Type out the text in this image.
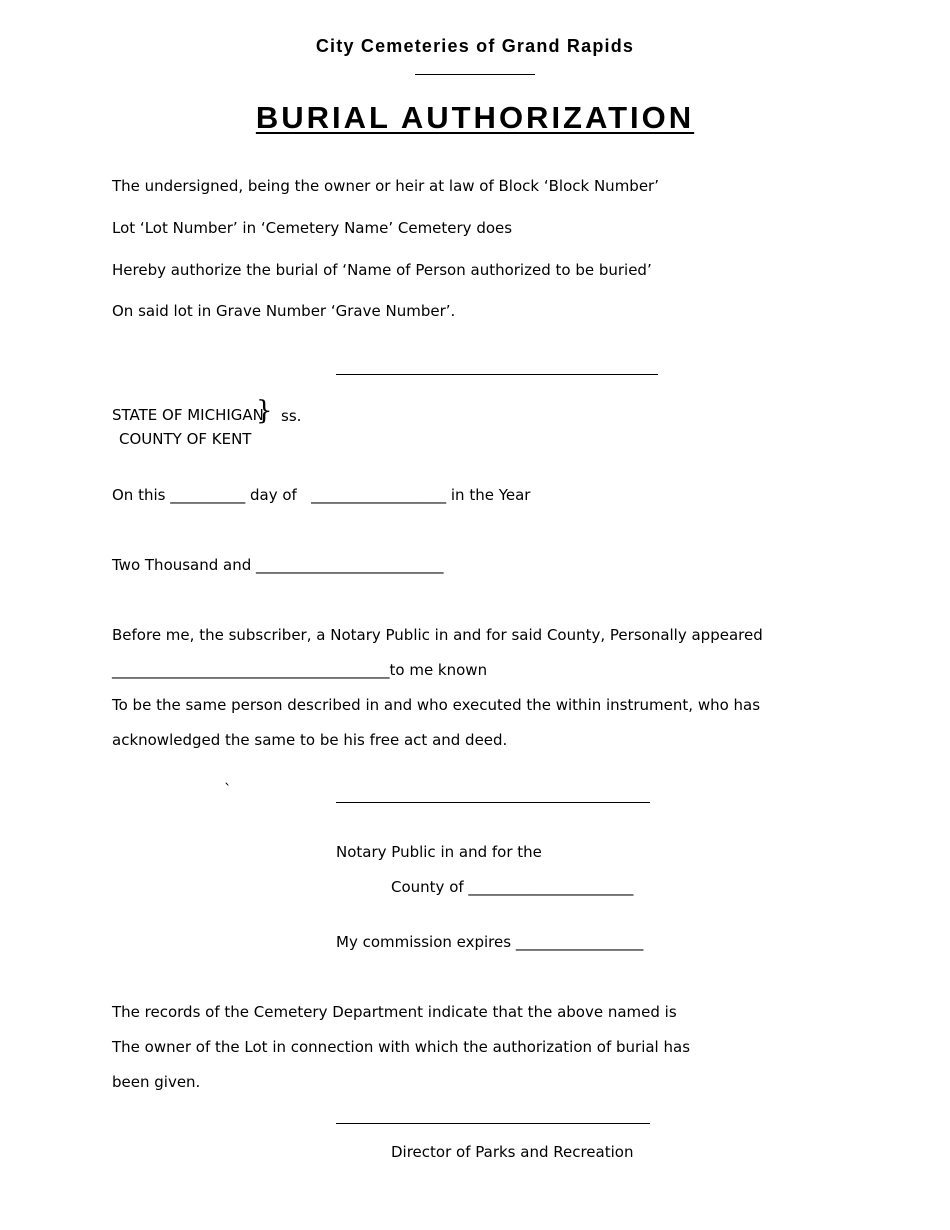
City Cemeteries of Grand Rapids
BURIAL AUTHORIZATION
The undersigned, being the owner or heir at law of Block ‘Block Number’
Lot ‘Lot Number’ in ‘Cemetery Name’ Cemetery does
Hereby authorize the burial of ‘Name of Person authorized to be buried’
On said lot in Grave Number ‘Grave Number’.
STATE OF MICHIGAN
} ss.
COUNTY OF KENT
On this __________ day of   __________________ in the Year
Two Thousand and _________________________
Before me, the subscriber, a Notary Public in and for said County, Personally appeared
_____________________________________to me known
To be the same person described in and who executed the within instrument, who has
acknowledged the same to be his free act and deed.
`
Notary Public in and for the
County of ______________________
My commission expires _________________
The records of the Cemetery Department indicate that the above named is
The owner of the Lot in connection with which the authorization of burial has
been given.
Director of Parks and Recreation
